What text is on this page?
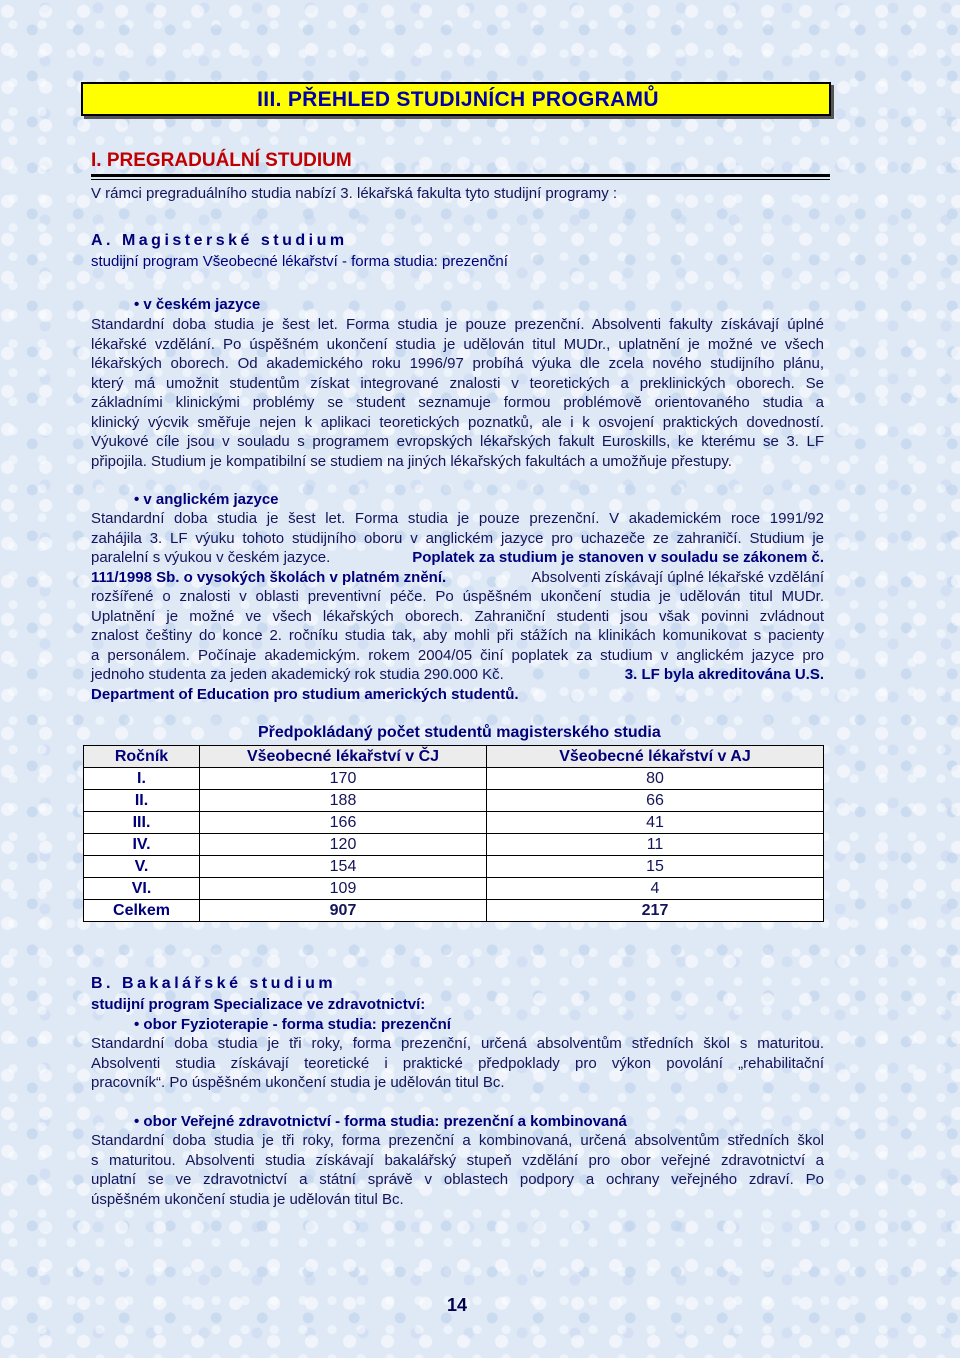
III. PŘEHLED STUDIJNÍCH PROGRAMŮ
I. PREGRADUÁLNÍ STUDIUM
V rámci pregraduálního studia nabízí 3. lékařská fakulta tyto studijní programy :
A. Magisterské studium
studijní program Všeobecné lékařství - forma studia: prezenční
• v českém jazyce
Standardní doba studia je šest let. Forma studia je pouze prezenční. Absolventi fakulty získávají úplné
lékařské vzdělání. Po úspěšném ukončení studia je udělován titul MUDr., uplatnění je možné ve všech
lékařských oborech. Od akademického roku 1996/97 probíhá výuka dle zcela nového studijního plánu,
který má umožnit studentům získat integrované znalosti v teoretických a preklinických oborech. Se
základními klinickými problémy se student seznamuje formou problémově orientovaného studia a
klinický výcvik směřuje nejen k aplikaci teoretických poznatků, ale i k osvojení praktických dovedností.
Výukové cíle jsou v souladu s programem evropských lékařských fakult Euroskills, ke kterému se 3. LF
připojila. Studium je kompatibilní se studiem na jiných lékařských fakultách a umožňuje přestupy.
• v anglickém jazyce
Standardní doba studia je šest let. Forma studia je pouze prezenční. V akademickém roce 1991/92
zahájila 3. LF výuku tohoto studijního oboru v anglickém jazyce pro uchazeče ze zahraničí. Studium je
paralelní s výukou v českém jazyce.	Poplatek za studium je stanoven v souladu se zákonem č.
111/1998 Sb. o vysokých školách v platném znění.	Absolventi získávají úplné lékařské vzdělání
rozšířené o znalosti v oblasti preventivní péče. Po úspěšném ukončení studia je udělován titul MUDr.
Uplatnění je možné ve všech lékařských oborech. Zahraniční studenti jsou však povinni zvládnout
znalost češtiny do konce 2. ročníku studia tak, aby mohli při stážích na klinikách komunikovat s pacienty
a personálem. Počínaje akademickým. rokem 2004/05 činí poplatek za studium v anglickém jazyce pro
jednoho studenta za jeden akademický rok studia 290.000 Kč.	3. LF byla akreditována U.S.
Department of Education pro studium amerických studentů.
Předpokládaný počet studentů magisterského studia
Ročník	Všeobecné lékařství v ČJ	Všeobecné lékařství v AJ
I.	170	80
II.	188	66
III.	166	41
IV.	120	11
V.	154	15
VI.	109	4
Celkem	907	217
B. Bakalářské studium
studijní program Specializace ve zdravotnictví:
• obor Fyzioterapie - forma studia: prezenční
Standardní doba studia je tři roky, forma prezenční, určená absolventům středních škol s maturitou.
Absolventi studia získávají teoretické i praktické předpoklady pro výkon povolání „rehabilitační
pracovník“. Po úspěšném ukončení studia je udělován titul Bc.
• obor Veřejné zdravotnictví - forma studia: prezenční a kombinovaná
Standardní doba studia je tři roky, forma prezenční a kombinovaná, určená absolventům středních škol
s maturitou. Absolventi studia získávají bakalářský stupeň vzdělání pro obor veřejné zdravotnictví a
uplatní se ve zdravotnictví a státní správě v oblastech podpory a ochrany veřejného zdraví. Po
úspěšném ukončení studia je udělován titul Bc.
14
